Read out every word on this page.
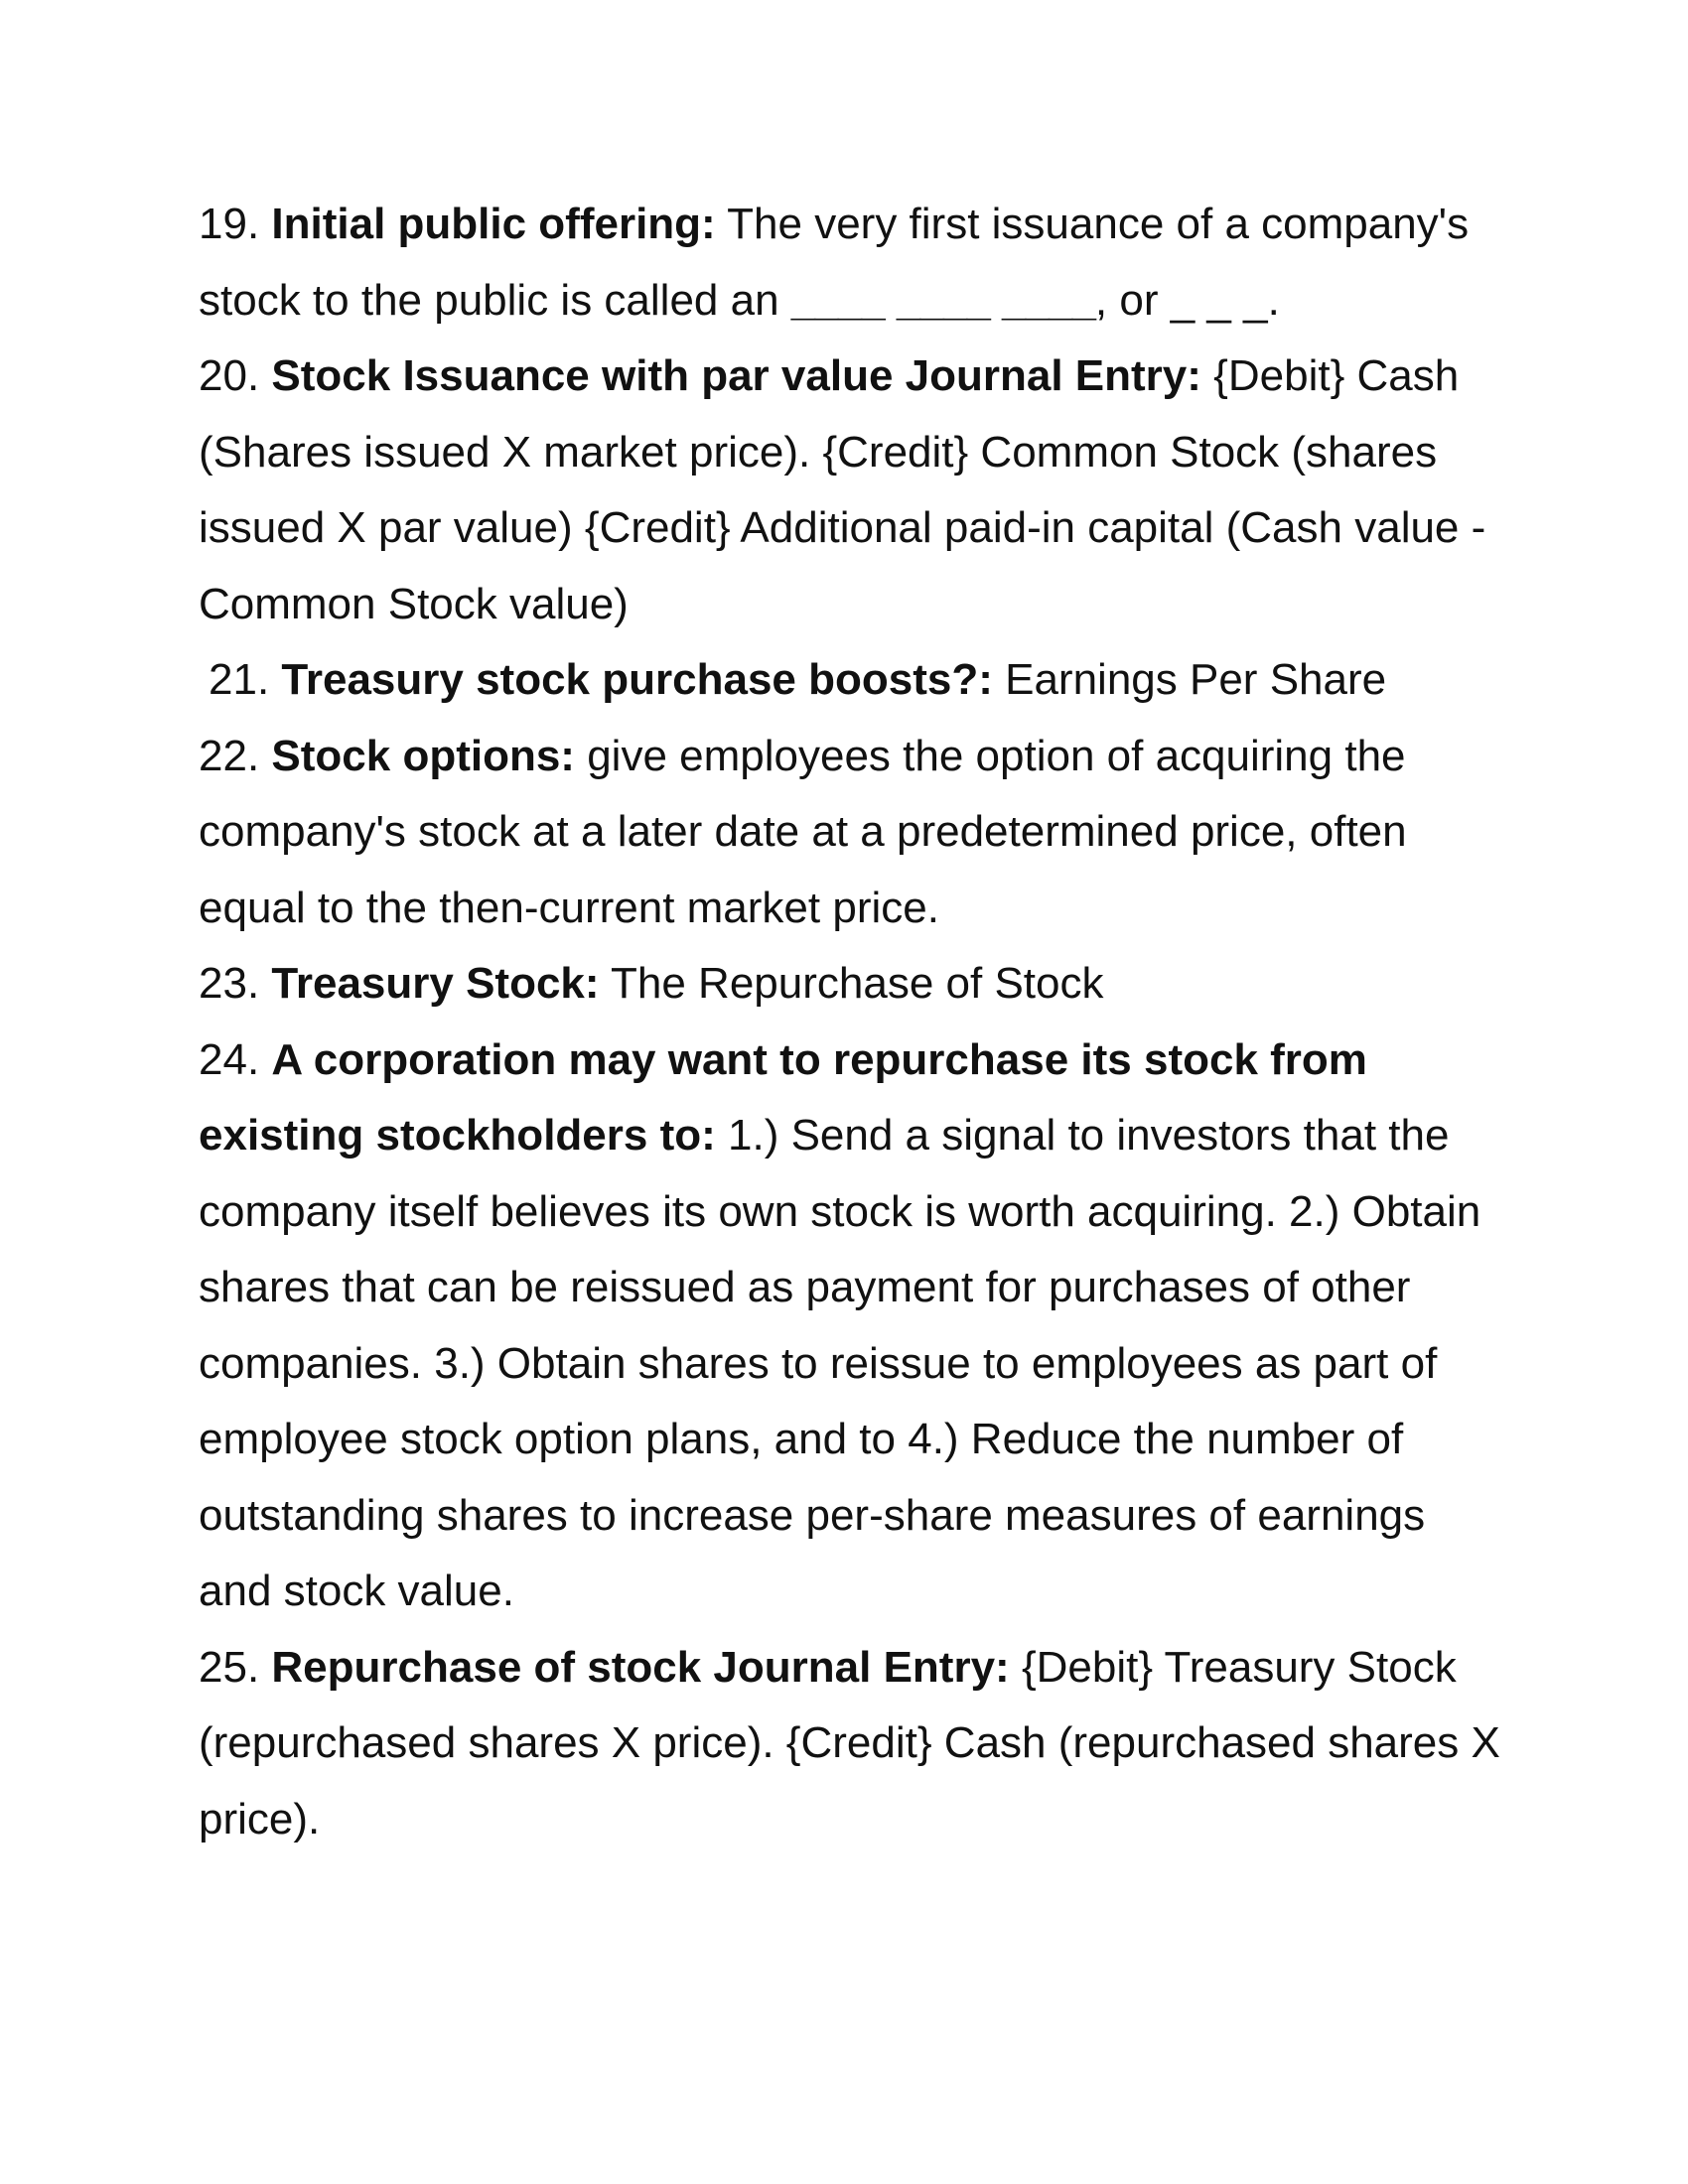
19. Initial public offering: The very first issuance of a company's stock to the public is called an ____ ____ ____, or _ _ _.

20. Stock Issuance with par value Journal Entry: {Debit} Cash (Shares issued X market price). {Credit} Common Stock (shares issued X par value) {Credit} Additional paid-in capital (Cash value - Common Stock value)

21. Treasury stock purchase boosts?: Earnings Per Share

22. Stock options: give employees the option of acquiring the company's stock at a later date at a predetermined price, often equal to the then-current market price.

23. Treasury Stock: The Repurchase of Stock

24. A corporation may want to repurchase its stock from existing stockholders to: 1.) Send a signal to investors that the company itself believes its own stock is worth acquiring. 2.) Obtain shares that can be reissued as payment for purchases of other companies. 3.) Obtain shares to reissue to employees as part of employee stock option plans, and to 4.) Reduce the number of outstanding shares to increase per-share measures of earnings and stock value.

25. Repurchase of stock Journal Entry: {Debit} Treasury Stock (repurchased shares X price). {Credit} Cash (repurchased shares X price).
